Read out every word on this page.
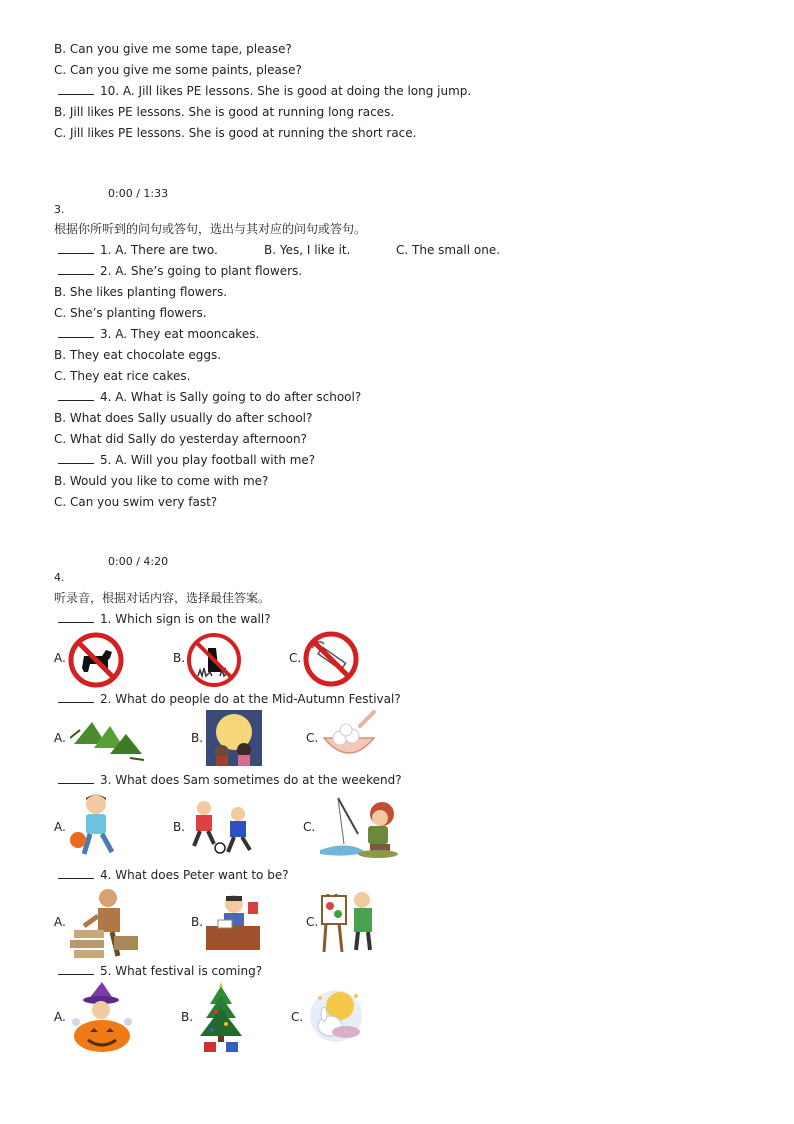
B. Can you give me some tape, please?
C. Can you give me some paints, please?
10. A. Jill likes PE lessons. She is good at doing the long jump.
B. Jill likes PE lessons. She is good at running long races.
C. Jill likes PE lessons. She is good at running the short race.
0:00 / 1:33
3.
根据你所听到的问句或答句，选出与其对应的问句或答句。
1. A. There are two.	B. Yes, I like it.	C. The small one.
2. A. She’s going to plant flowers.
B. She likes planting flowers.
C. She’s planting flowers.
3. A. They eat mooncakes.
B. They eat chocolate eggs.
C. They eat rice cakes.
4. A. What is Sally going to do after school?
B. What does Sally usually do after school?
C. What did Sally do yesterday afternoon?
5. A. Will you play football with me?
B. Would you like to come with me?
C. Can you swim very fast?
0:00 / 4:20
4.
听录音，根据对话内容，选择最佳答案。
1. Which sign is on the wall?
A.	B.	C.
2. What do people do at the Mid-Autumn Festival?
A.	B.	C.
3. What does Sam sometimes do at the weekend?
A.	B.	C.
4. What does Peter want to be?
A.	B.	C.
5. What festival is coming?
A.	B.	C.
